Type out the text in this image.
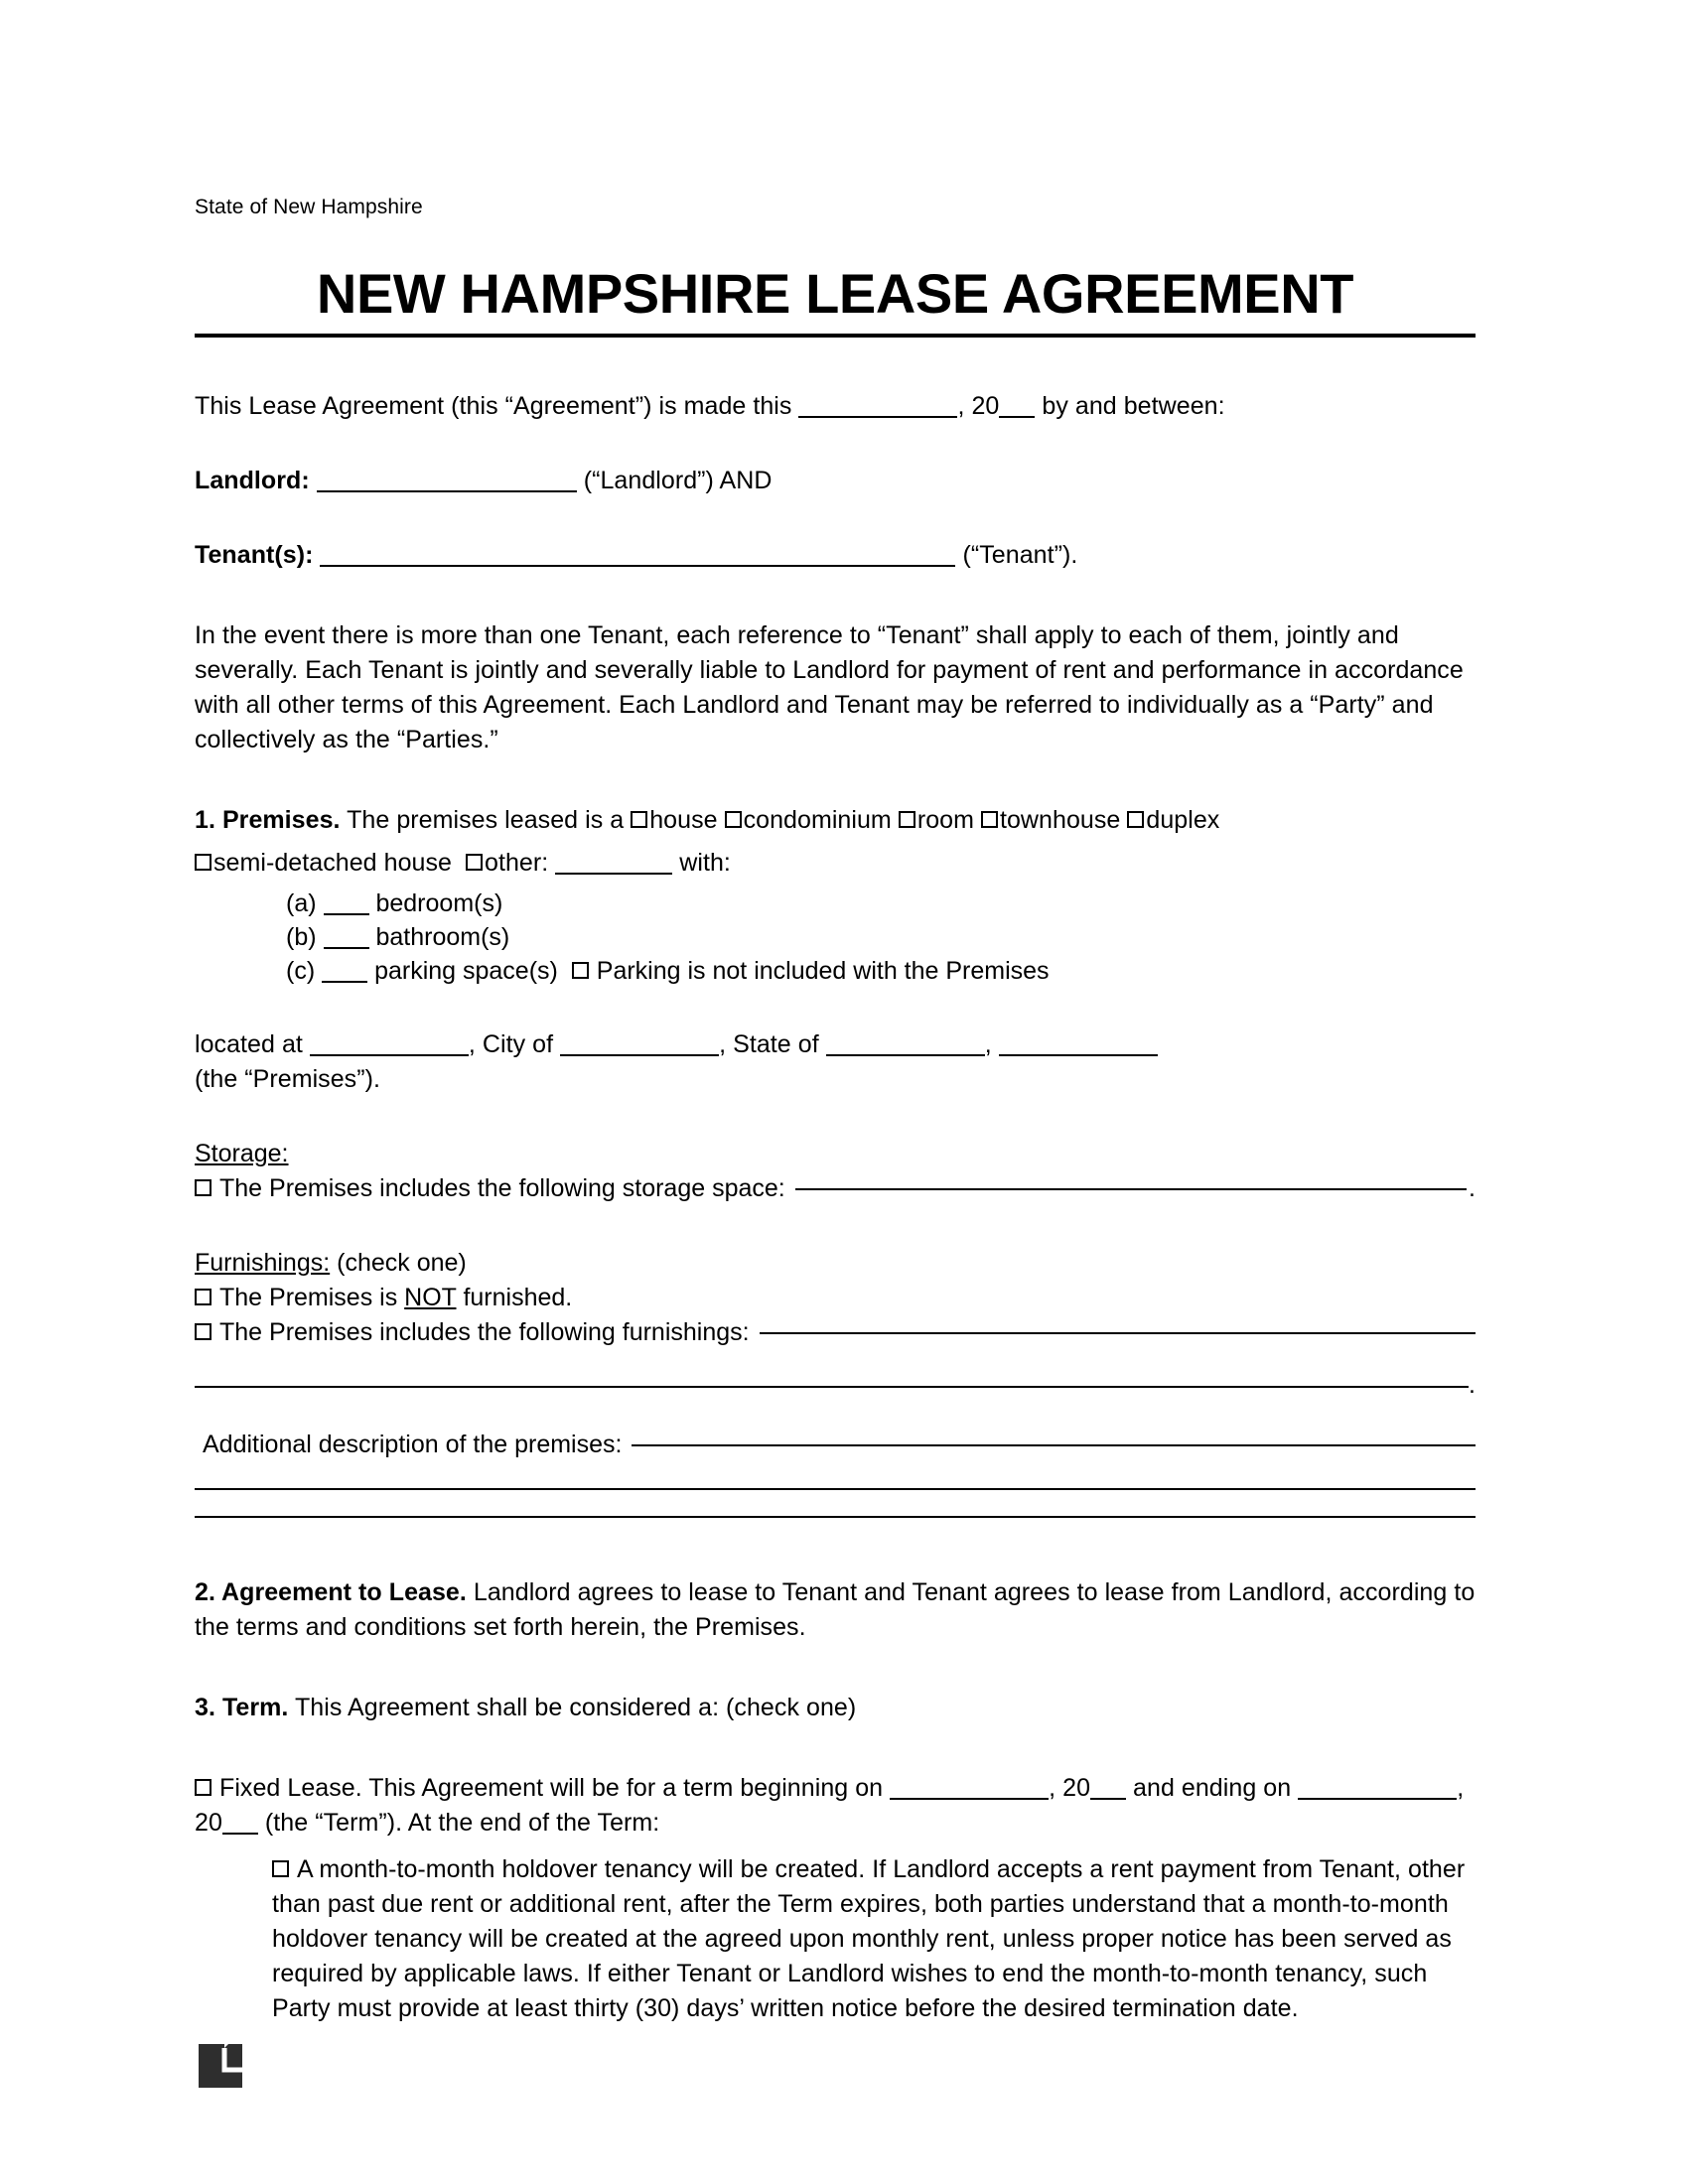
State of New Hampshire
NEW HAMPSHIRE LEASE AGREEMENT

This Lease Agreement (this “Agreement”) is made this	, 20 by and between:

Landlord:	(“Landlord”) AND

Tenant(s):	(“Tenant”).

In the event there is more than one Tenant, each reference to “Tenant” shall apply to each of them, jointly and severally. Each Tenant is jointly and severally liable to Landlord for payment of rent and performance in accordance with all other terms of this Agreement. Each Landlord and Tenant may be referred to individually as a “Party” and collectively as the “Parties.”

1. Premises. The premises leased is a house condominium room townhouse duplex

semi-detached house other:	with:

(a) bedroom(s)
(b) bathroom(s)
(c) parking space(s) Parking is not included with the Premises

located at	, City of	, State of	,

(the “Premises”).

Storage:
The Premises includes the following storage space:	.
Furnishings: (check one)
The Premises is NOT furnished.
The Premises includes the following furnishings:
.
Additional description of the premises:

2. Agreement to Lease. Landlord agrees to lease to Tenant and Tenant agrees to lease from Landlord, according to the terms and conditions set forth herein, the Premises.

3. Term. This Agreement shall be considered a: (check one)

Fixed Lease. This Agreement will be for a term beginning on	, 20 and ending on	, 20 (the “Term”). At the end of the Term:

A month-to-month holdover tenancy will be created. If Landlord accepts a rent payment from Tenant, other than past due rent or additional rent, after the Term expires, both parties understand that a month-to-month holdover tenancy will be created at the agreed upon monthly rent, unless proper notice has been served as required by applicable laws. If either Tenant or Landlord wishes to end the month-to-month tenancy, such Party must provide at least thirty (30) days’ written notice before the desired termination date.
